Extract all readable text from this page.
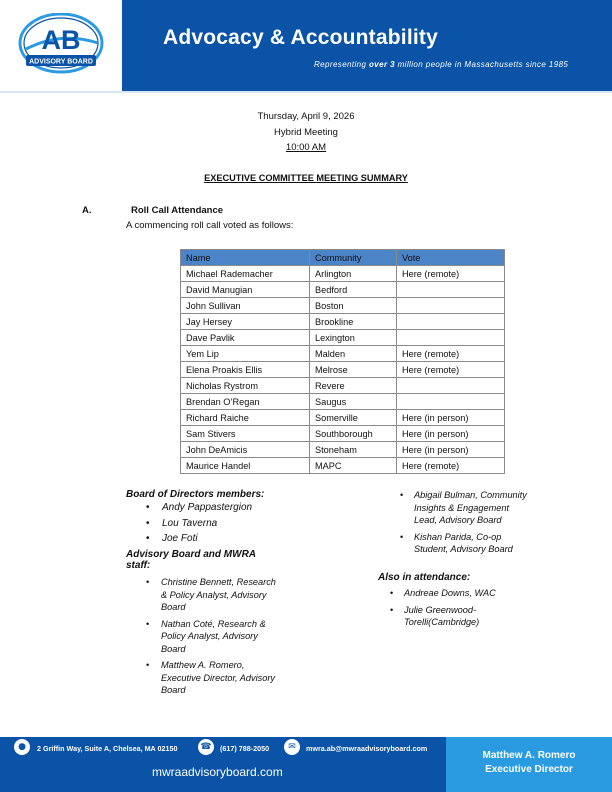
AB
ADVISORY BOARD
Advocacy & Accountability
Representing over 3 million people in Massachusetts since 1985
Thursday, April 9, 2026
Hybrid Meeting
10:00 AM
EXECUTIVE COMMITTEE MEETING SUMMARY
A.	Roll Call Attendance
A commencing roll call voted as follows:
Name	Community	Vote
Michael Rademacher	Arlington	Here (remote)
David Manugian	Bedford	
John Sullivan	Boston	
Jay Hersey	Brookline	
Dave Pavlik	Lexington	
Yem Lip	Malden	Here (remote)
Elena Proakis Ellis	Melrose	Here (remote)
Nicholas Rystrom	Revere	
Brendan O’Regan	Saugus	
Richard Raiche	Somerville	Here (in person)
Sam Stivers	Southborough	Here (in person)
John DeAmicis	Stoneham	Here (in person)
Maurice Handel	MAPC	Here (remote)
Board of Directors members:
• Andy Pappastergion
• Lou Taverna
• Joe Foti
Advisory Board and MWRA
staff:
• Christine Bennett, Research
& Policy Analyst, Advisory
Board
• Nathan Coté, Research &
Policy Analyst, Advisory
Board
• Matthew A. Romero,
Executive Director, Advisory
Board
• Abigail Bulman, Community
Insights & Engagement
Lead, Advisory Board
• Kishan Parida, Co-op
Student, Advisory Board
Also in attendance:
• Andreae Downs, WAC
• Julie Greenwood-
Torelli(Cambridge)
●	2 Griffin Way, Suite A, Chelsea, MA 02150	☎	(617) 788-2050	✉	mwra.ab@mwraadvisoryboard.com
mwraadvisoryboard.com
Matthew A. Romero
Executive Director
